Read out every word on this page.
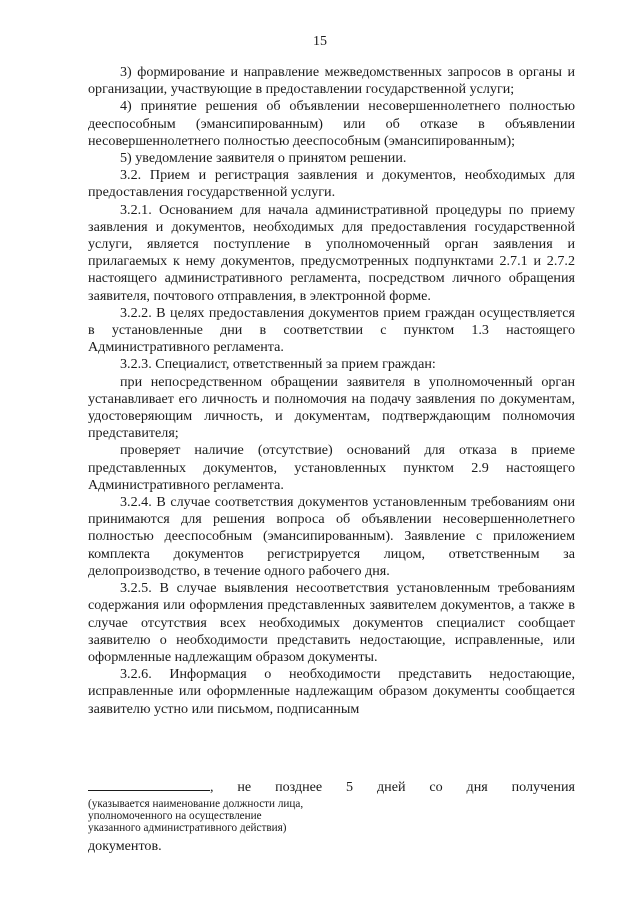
15

3) формирование и направление межведомственных запросов в органы и организации, участвующие в предоставлении государственной услуги;

4) принятие решения об объявлении несовершеннолетнего полностью дееспособным (эмансипированным) или об отказе в объявлении несовершеннолетнего полностью дееспособным (эмансипированным);

5) уведомление заявителя о принятом решении.

3.2. Прием и регистрация заявления и документов, необходимых для предоставления государственной услуги.

3.2.1. Основанием для начала административной процедуры по приему заявления и документов, необходимых для предоставления государственной услуги, является поступление в уполномоченный орган заявления и прилагаемых к нему документов, предусмотренных подпунктами 2.7.1 и 2.7.2 настоящего административного регламента, посредством личного обращения заявителя, почтового отправления, в электронной форме.

3.2.2. В целях предоставления документов прием граждан осуществляется в установленные дни в соответствии с пунктом 1.3 настоящего Административного регламента.

3.2.3. Специалист, ответственный за прием граждан:

при непосредственном обращении заявителя в уполномоченный орган устанавливает его личность и полномочия на подачу заявления по документам, удостоверяющим личность, и документам, подтверждающим полномочия представителя;

проверяет наличие (отсутствие) оснований для отказа в приеме представленных документов, установленных пунктом 2.9 настоящего Административного регламента.

3.2.4. В случае соответствия документов установленным требованиям они принимаются для решения вопроса об объявлении несовершеннолетнего полностью дееспособным (эмансипированным). Заявление с приложением комплекта документов регистрируется лицом, ответственным за делопроизводство, в течение одного рабочего дня.

3.2.5. В случае выявления несоответствия установленным требованиям содержания или оформления представленных заявителем документов, а также в случае отсутствия всех необходимых документов специалист сообщает заявителю о необходимости представить недостающие, исправленные, или оформленные надлежащим образом документы.

3.2.6. Информация о необходимости представить недостающие, исправленные или оформленные надлежащим образом документы сообщается заявителю устно или письмом, подписанным

, не позднее 5 дней со дня получения
(указывается наименование должности лица,
уполномоченного на осуществление
указанного административного действия)
документов.
